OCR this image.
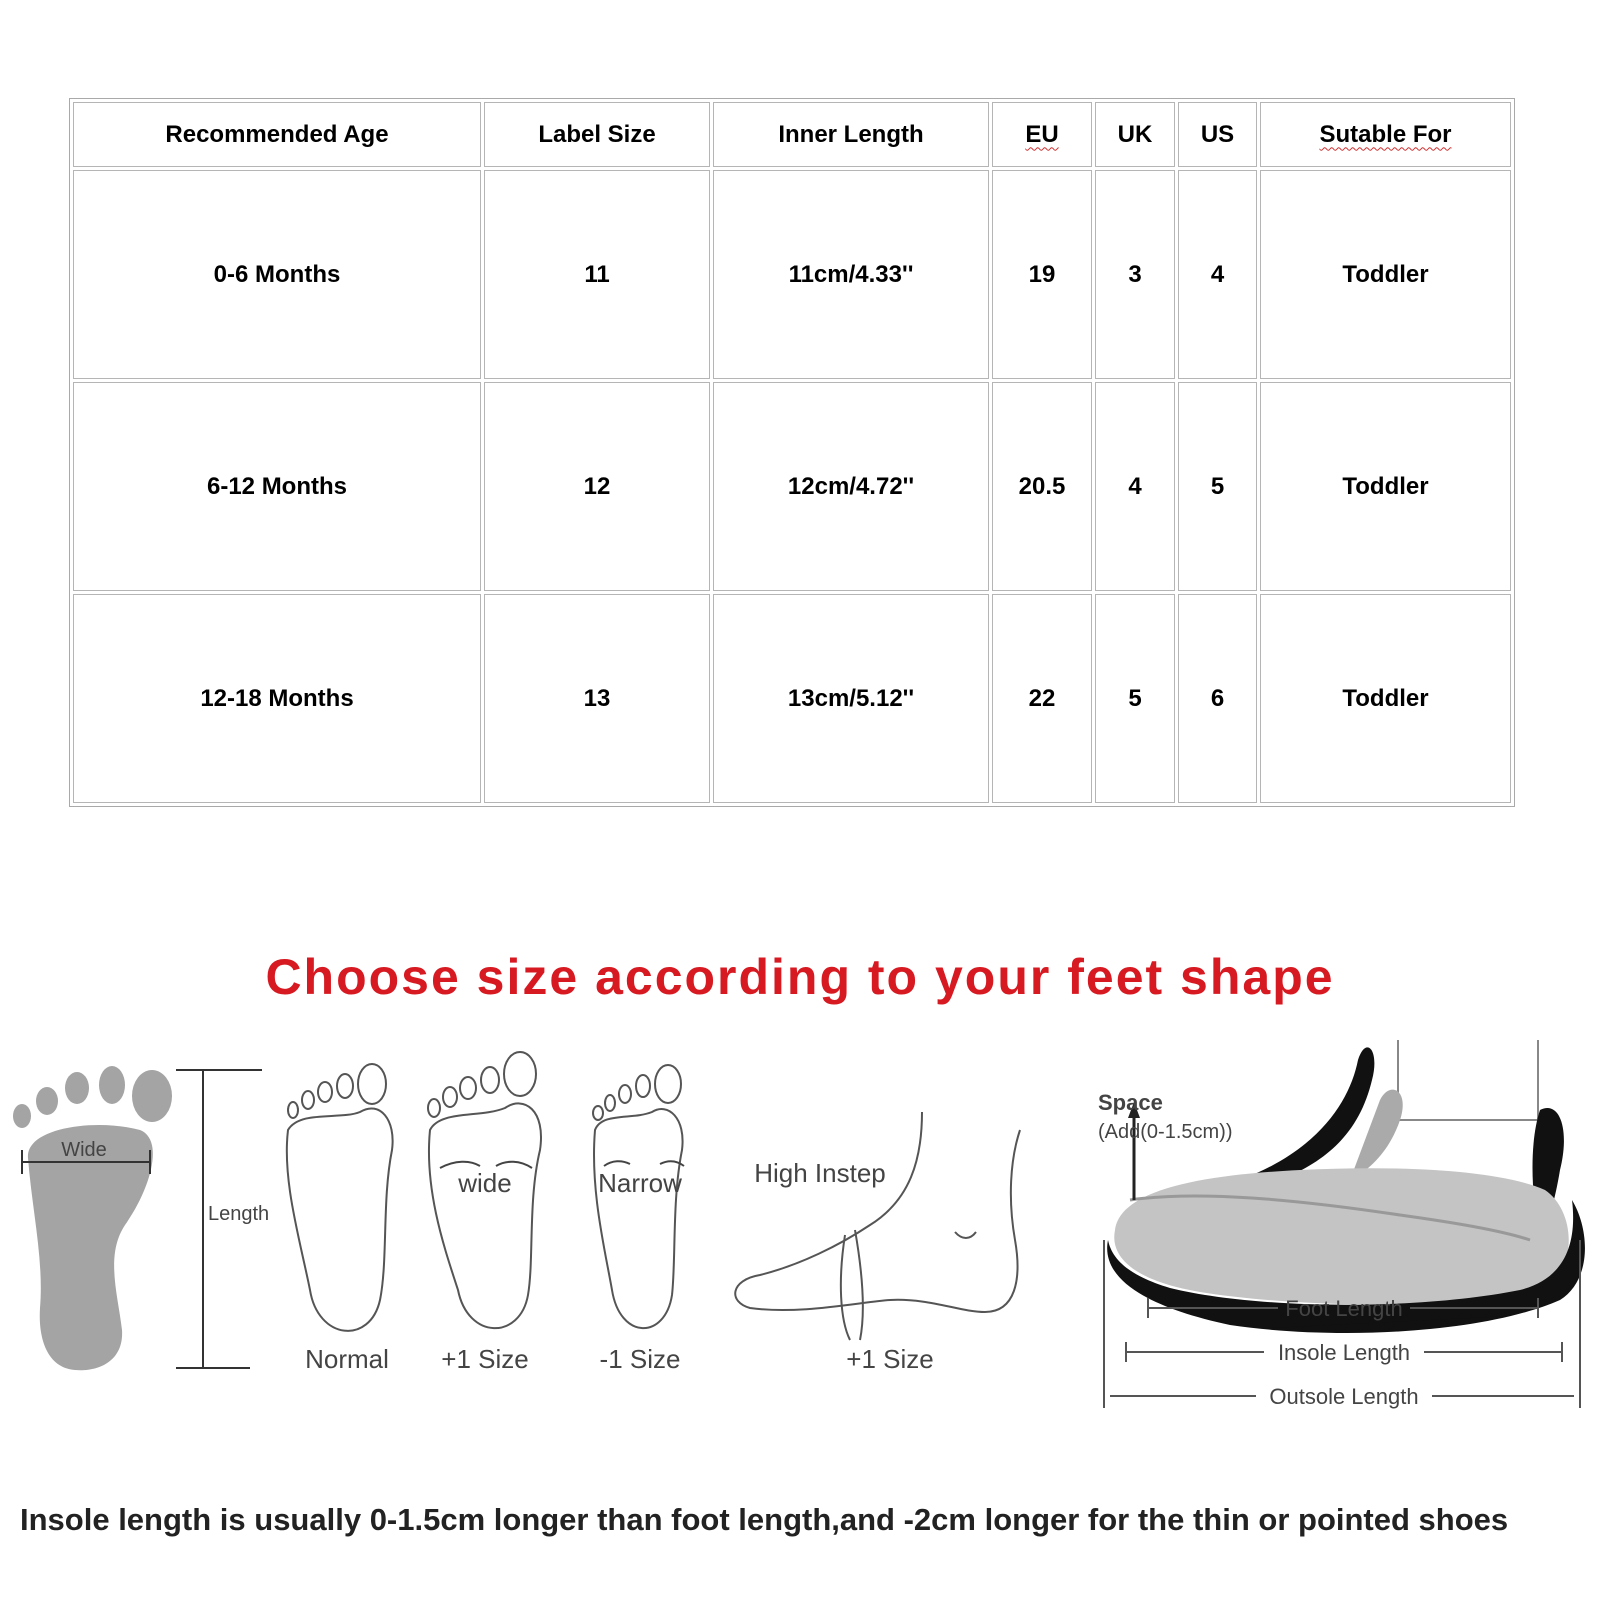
Recommended Age	Label Size	Inner Length	EU	UK	US	Sutable For
0-6 Months	11	11cm/4.33''	19	3	4	Toddler
6-12 Months	12	12cm/4.72''	20.5	4	5	Toddler
12-18 Months	13	13cm/5.12''	22	5	6	Toddler
Choose size according to your feet shape
Wide
Length
Normal
wide
+1 Size
Narrow
-1 Size
High Instep
+1 Size
Space
(Add(0-1.5cm))
Foot Length
Insole Length
Outsole Length

Insole length is usually 0-1.5cm longer than foot length,and -2cm longer for the thin or pointed shoes
